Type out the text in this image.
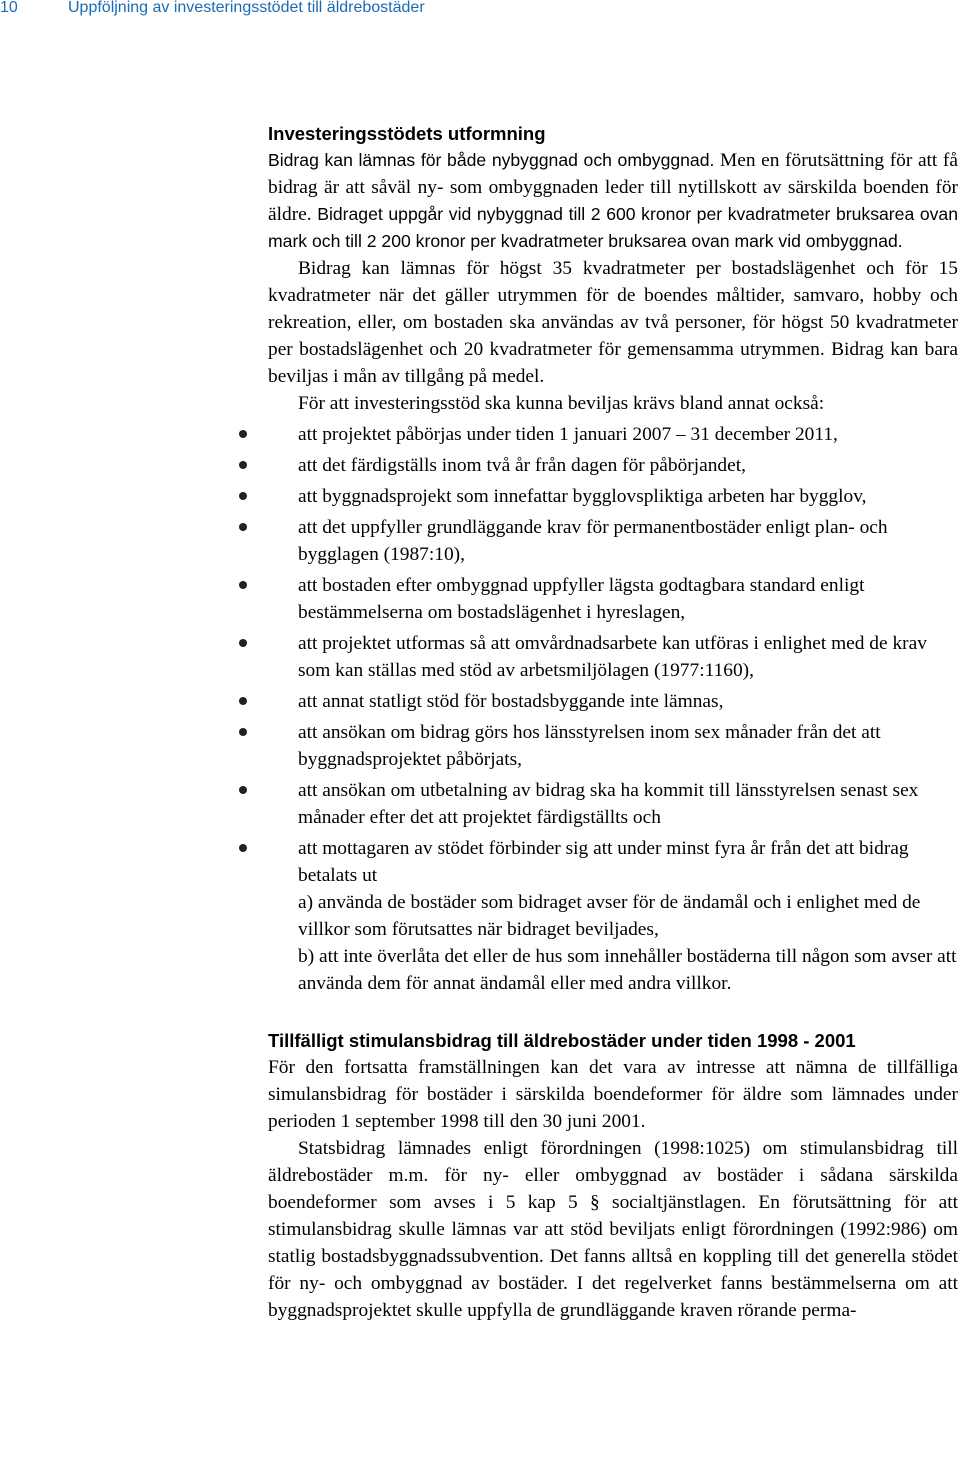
10	Uppföljning av investeringsstödet till äldrebostäder
Investeringsstödets utformning

Bidrag kan lämnas för både nybyggnad och ombyggnad. Men en förutsättning för att få bidrag är att såväl ny- som ombyggnaden leder till nytillskott av särskilda boenden för äldre. Bidraget uppgår vid nybyggnad till 2 600 kronor per kvadratmeter bruksarea ovan mark och till 2 200 kronor per kvadratmeter bruksarea ovan mark vid ombyggnad.

Bidrag kan lämnas för högst 35 kvadratmeter per bostadslägenhet och för 15 kvadratmeter när det gäller utrymmen för de boendes måltider, samvaro, hobby och rekreation, eller, om bostaden ska användas av två personer, för högst 50 kvadratmeter per bostadslägenhet och 20 kvadratmeter för gemensamma utrymmen. Bidrag kan bara beviljas i mån av tillgång på medel.

För att investeringsstöd ska kunna beviljas krävs bland annat också:

att projektet påbörjas under tiden 1 januari 2007 – 31 december 2011,
att det färdigställs inom två år från dagen för påbörjandet,
att byggnadsprojekt som innefattar bygglovspliktiga arbeten har bygglov,
att det uppfyller grundläggande krav för permanentbostäder enligt plan- och bygglagen (1987:10),
att bostaden efter ombyggnad uppfyller lägsta godtagbara standard enligt bestämmelserna om bostadslägenhet i hyreslagen,
att projektet utformas så att omvårdnadsarbete kan utföras i enlighet med de krav som kan ställas med stöd av arbetsmiljölagen (1977:1160),
att annat statligt stöd för bostadsbyggande inte lämnas,
att ansökan om bidrag görs hos länsstyrelsen inom sex månader från det att byggnadsprojektet påbörjats,
att ansökan om utbetalning av bidrag ska ha kommit till länsstyrelsen senast sex månader efter det att projektet färdigställts och
att mottagaren av stödet förbinder sig att under minst fyra år från det att bidrag betalats ut
a) använda de bostäder som bidraget avser för de ändamål och i enlighet med de villkor som förutsattes när bidraget beviljades,
b) att inte överlåta det eller de hus som innehåller bostäderna till någon som avser att använda dem för annat ändamål eller med andra villkor.
Tillfälligt stimulansbidrag till äldrebostäder under tiden 1998 - 2001

För den fortsatta framställningen kan det vara av intresse att nämna de tillfälliga simulansbidrag för bostäder i särskilda boendeformer för äldre som lämnades under perioden 1 september 1998 till den 30 juni 2001.

Statsbidrag lämnades enligt förordningen (1998:1025) om stimulansbidrag till äldrebostäder m.m. för ny- eller ombyggnad av bostäder i sådana särskilda boendeformer som avses i 5 kap 5 § socialtjänstlagen. En förutsättning för att stimulansbidrag skulle lämnas var att stöd beviljats enligt förordningen (1992:986) om statlig bostadsbyggnadssubvention. Det fanns alltså en koppling till det generella stödet för ny- och ombyggnad av bostäder. I det regelverket fanns bestämmelserna om att byggnadsprojektet skulle uppfylla de grundläggande kraven rörande perma-
